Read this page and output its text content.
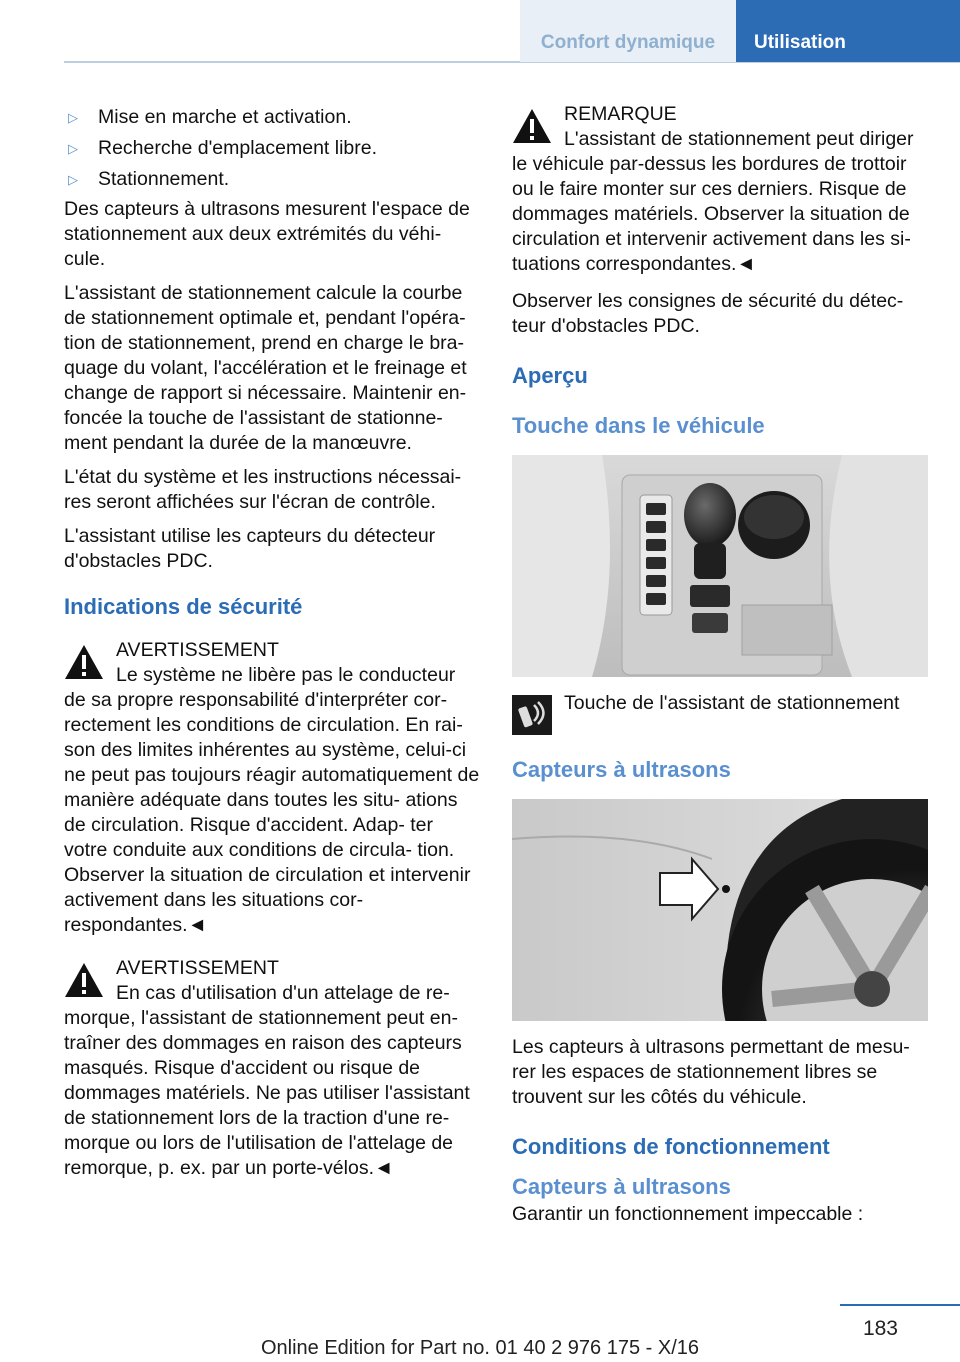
Confort dynamique	Utilisation
▷ Mise en marche et activation.
▷ Recherche d'emplacement libre.
▷ Stationnement.

Des capteurs à ultrasons mesurent l'espace de stationnement aux deux extrémités du véhi‐ cule.

L'assistant de stationnement calcule la courbe de stationnement optimale et, pendant l'opéra‐ tion de stationnement, prend en charge le bra‐ quage du volant, l'accélération et le freinage et change de rapport si nécessaire. Maintenir en‐ foncée la touche de l'assistant de stationne‐ ment pendant la durée de la manœuvre.

L'état du système et les instructions nécessai‐ res seront affichées sur l'écran de contrôle.

L'assistant utilise les capteurs du détecteur d'obstacles PDC.

Indications de sécurité
AVERTISSEMENT
Le système ne libère pas le conducteur de sa propre responsabilité d'interpréter cor‐ rectement les conditions de circulation. En rai‐ son des limites inhérentes au système, celui-ci ne peut pas toujours réagir automatiquement de manière adéquate dans toutes les situ‐ ations de circulation. Risque d'accident. Adap‐ ter votre conduite aux conditions de circula‐ tion. Observer la situation de circulation et intervenir activement dans les situations cor‐ respondantes.◄
AVERTISSEMENT
En cas d'utilisation d'un attelage de re‐ morque, l'assistant de stationnement peut en‐ traîner des dommages en raison des capteurs masqués. Risque d'accident ou risque de dommages matériels. Ne pas utiliser l'assistant de stationnement lors de la traction d'une re‐ morque ou lors de l'utilisation de l'attelage de remorque, p. ex. par un porte-vélos.◄
REMARQUE
L'assistant de stationnement peut diriger le véhicule par-dessus les bordures de trottoir ou le faire monter sur ces derniers. Risque de dommages matériels. Observer la situation de circulation et intervenir activement dans les si‐ tuations correspondantes.◄

Observer les consignes de sécurité du détec‐ teur d'obstacles PDC.

Aperçu
Touche dans le véhicule
Touche de l'assistant de stationnement
Capteurs à ultrasons

Les capteurs à ultrasons permettant de mesu‐ rer les espaces de stationnement libres se trouvent sur les côtés du véhicule.

Conditions de fonctionnement
Capteurs à ultrasons

Garantir un fonctionnement impeccable :

183
Online Edition for Part no. 01 40 2 976 175 - X/16
